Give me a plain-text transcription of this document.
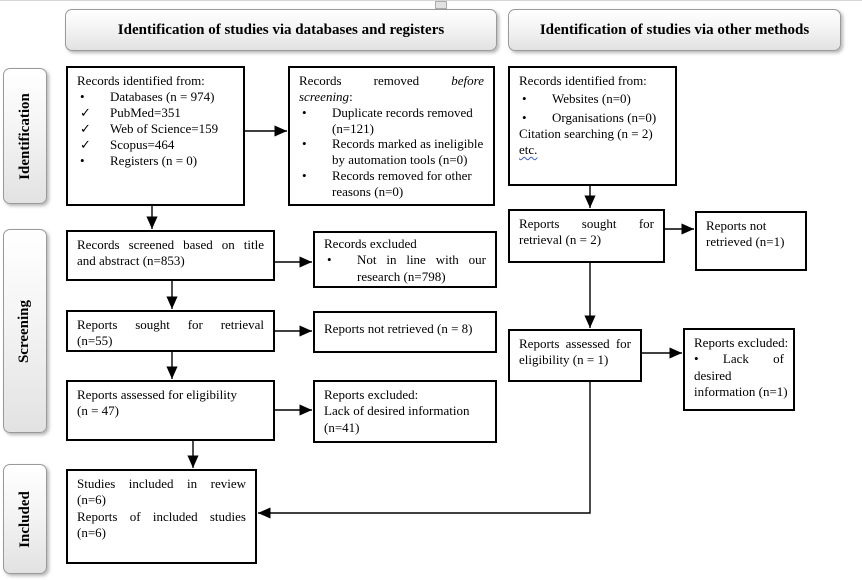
Identification of studies via databases and registers	Identification of studies via other methods
Identification
Screening
Included
Records identified from:
•	Databases (n = 974)
✓	PubMed=351
✓	Web of Science=159
✓	Scopus=464
•	Registers (n = 0)
Records screened based on title
and abstract (n=853)
Reports sought for retrieval
(n=55)
Reports assessed for eligibility
(n = 47)
Studies included in review
(n=6)
Reports of included studies
(n=6)
Records removed before
screening:
•	Duplicate records removed
(n=121)
•	Records marked as ineligible
by automation tools (n=0)
•	Records removed for other
reasons (n=0)
Records excluded
•	Not in line with our
research (n=798)
Reports not retrieved (n = 8)
Reports excluded:
Lack of desired information
(n=41)
Records identified from:
•	Websites (n=0)
•	Organisations (n=0)
Citation searching (n = 2)
etc.
Reports sought for
retrieval (n = 2)
Reports assessed for
eligibility (n = 1)
Reports not retrieved (n=1)
Reports excluded:
• Lack of
desired
information (n=1)
